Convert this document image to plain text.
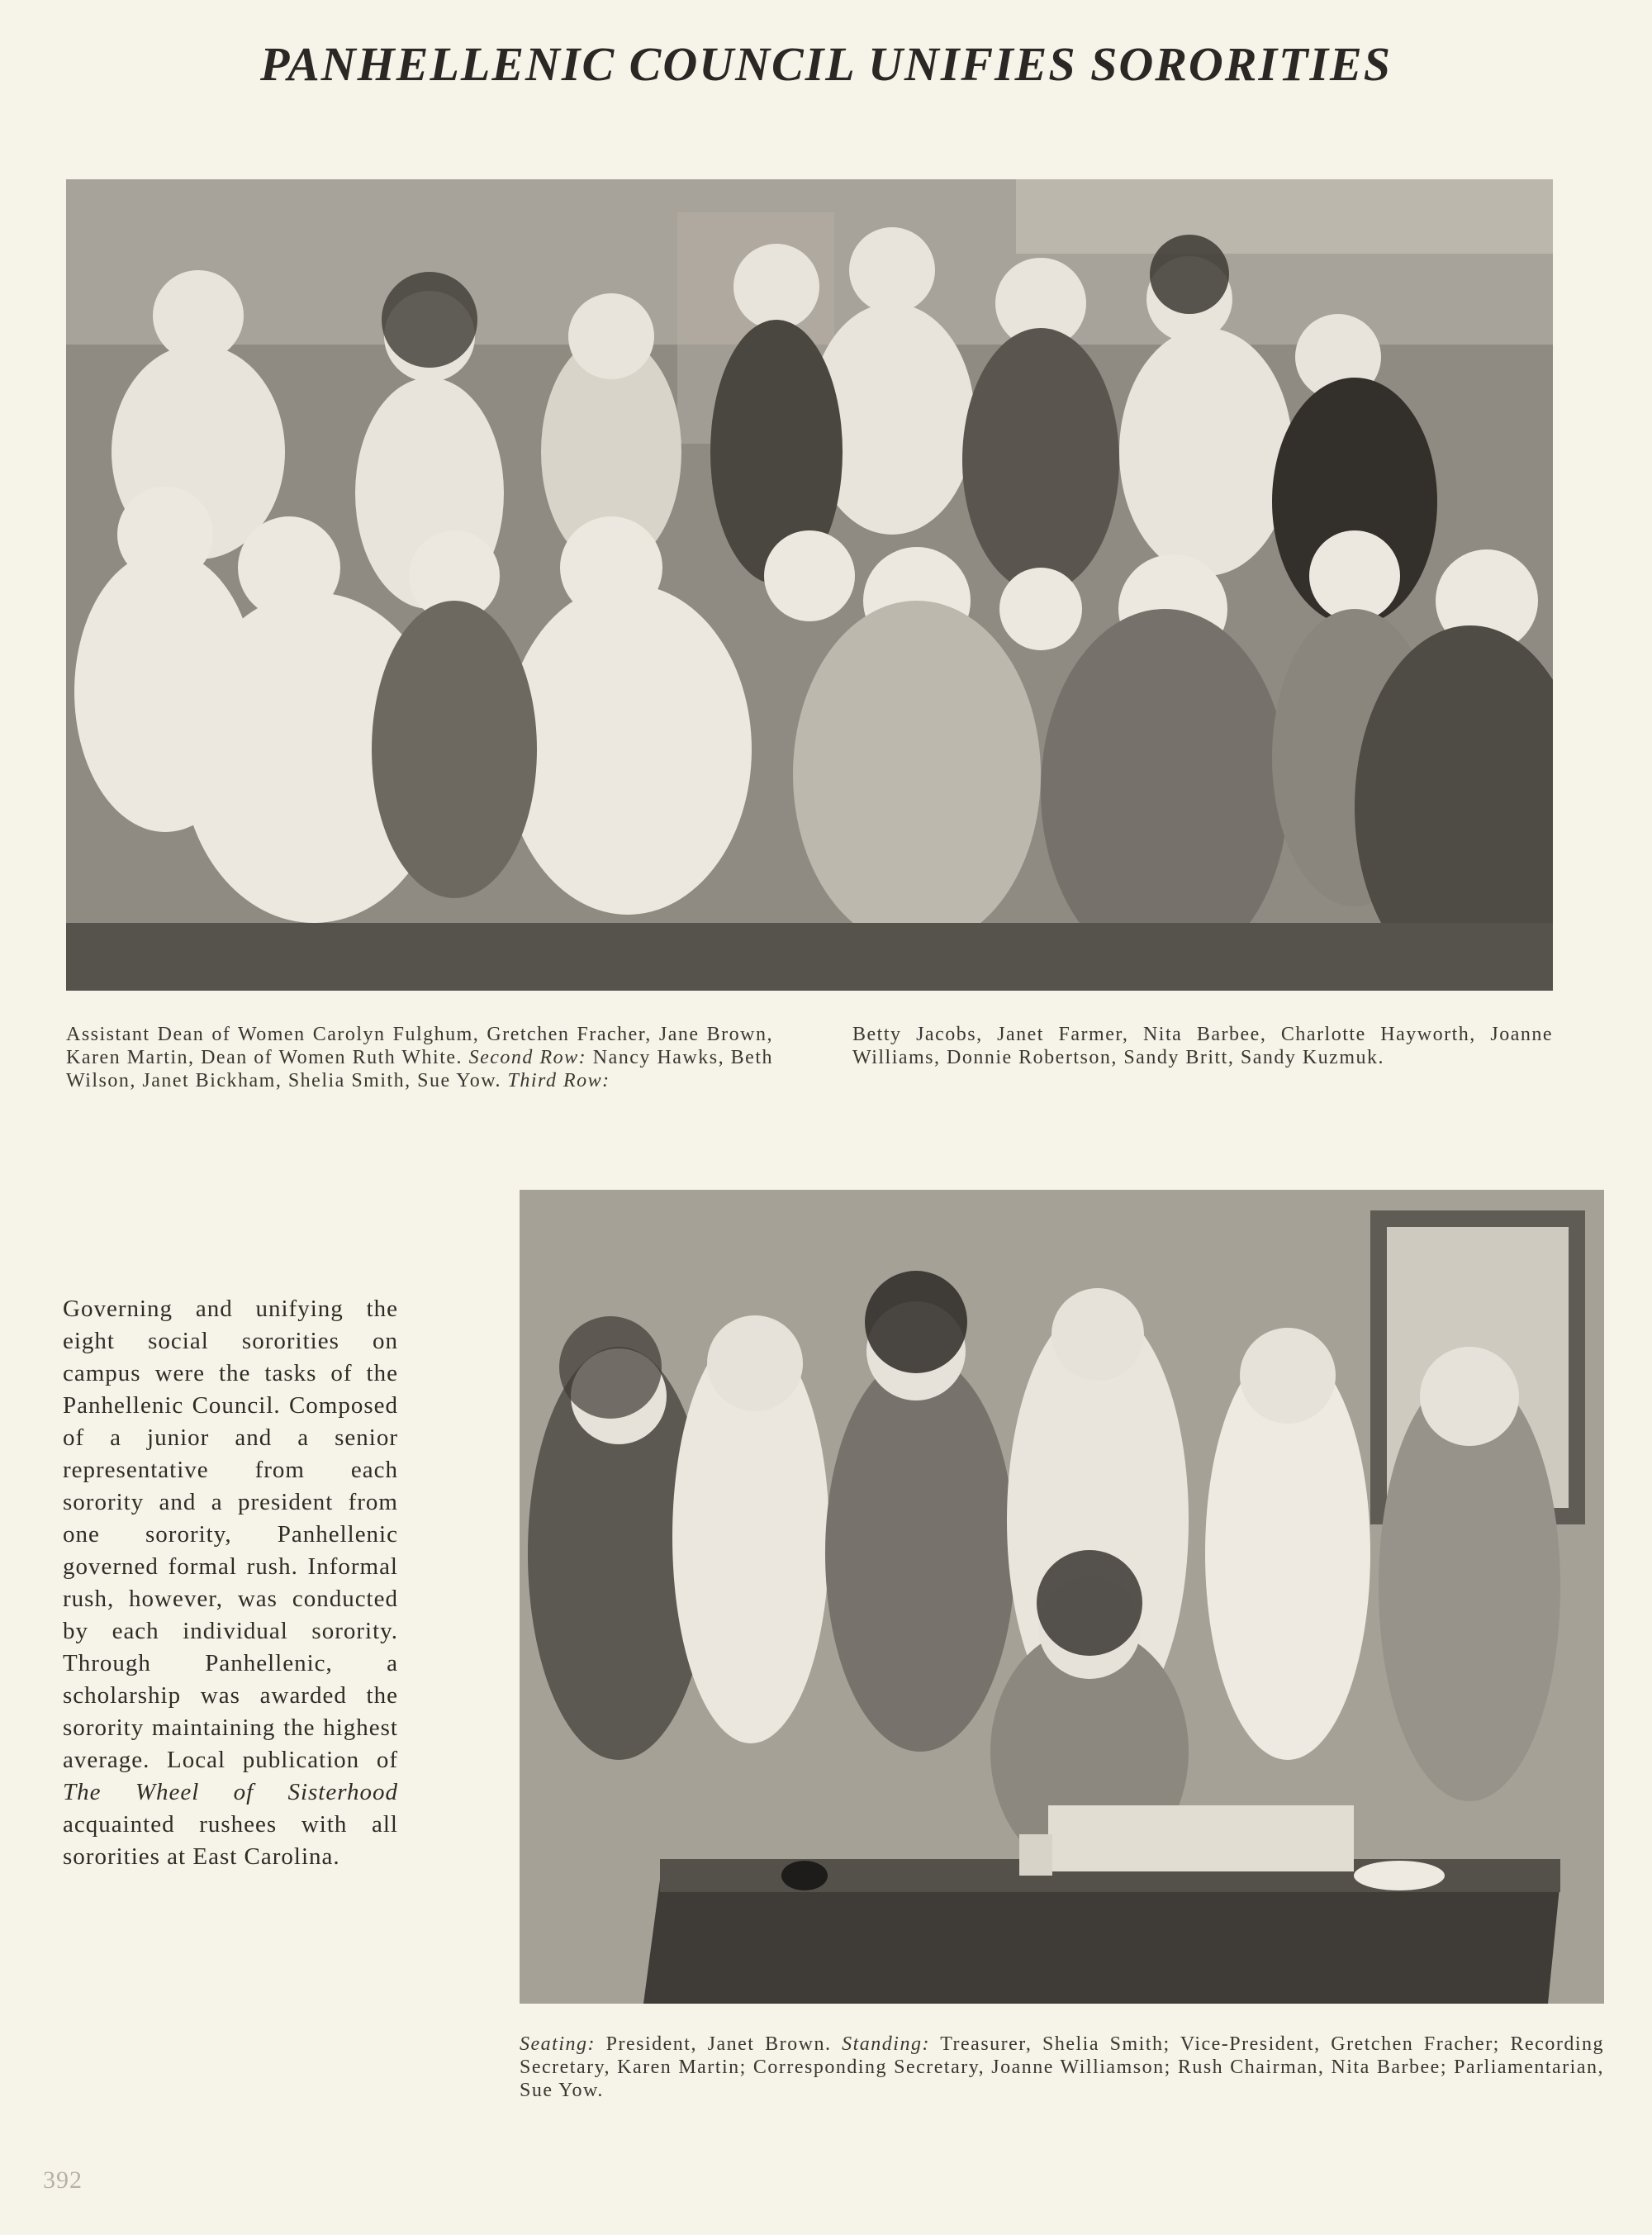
PANHELLENIC COUNCIL UNIFIES SORORITIES
Assistant Dean of Women Carolyn Fulghum, Gretchen Fracher, Jane Brown, Karen Martin, Dean of Women Ruth White. Second Row: Nancy Hawks, Beth Wilson, Janet Bickham, Shelia Smith, Sue Yow. Third Row:
Betty Jacobs, Janet Farmer, Nita Barbee, Charlotte Hayworth, Joanne Williams, Donnie Robertson, Sandy Britt, Sandy Kuzmuk.
Governing and unifying the eight social sororities on campus were the tasks of the Panhellenic Council. Composed of a junior and a senior representative from each sorority and a president from one sorority, Panhellenic governed formal rush. Informal rush, however, was conducted by each individual sorority. Through Panhellenic, a scholarship was awarded the sorority maintaining the highest average. Local publication of The Wheel of Sisterhood acquainted rushees with all sororities at East Carolina.
Seating: President, Janet Brown. Standing: Treasurer, Shelia Smith; Vice-President, Gretchen Fracher; Recording Secretary, Karen Martin; Corresponding Secretary, Joanne Williamson; Rush Chairman, Nita Barbee; Parliamentarian, Sue Yow.
392
